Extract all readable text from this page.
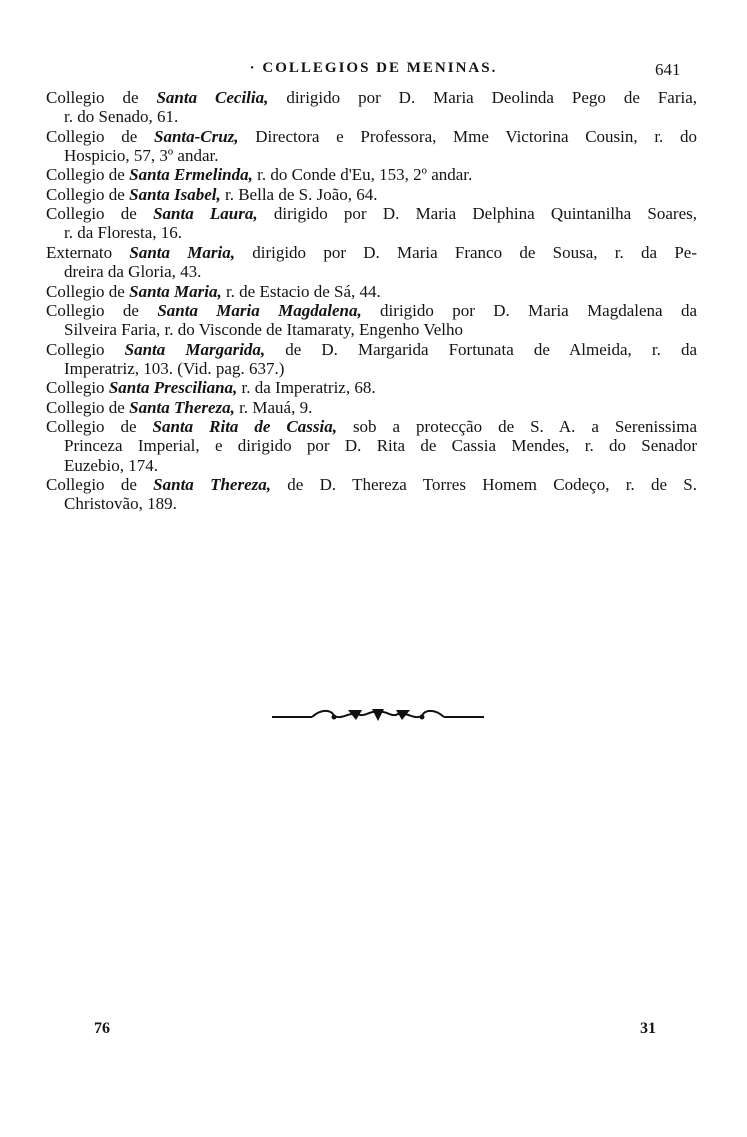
· COLLEGIOS DE MENINAS.	641
Collegio de Santa Cecilia, dirigido por D. Maria Deolinda Pego de Faria,
r. do Senado, 61.
Collegio de Santa-Cruz, Directora e Professora, Mme Victorina Cousin, r. do
Hospicio, 57, 3º andar.
Collegio de Santa Ermelinda, r. do Conde d'Eu, 153, 2º andar.
Collegio de Santa Isabel, r. Bella de S. João, 64.
Collegio de Santa Laura, dirigido por D. Maria Delphina Quintanilha Soares,
r. da Floresta, 16.
Externato Santa Maria, dirigido por D. Maria Franco de Sousa, r. da Pe-
dreira da Gloria, 43.
Collegio de Santa Maria, r. de Estacio de Sá, 44.
Collegio de Santa Maria Magdalena, dirigido por D. Maria Magdalena da
Silveira Faria, r. do Visconde de Itamaraty, Engenho Velho
Collegio Santa Margarida, de D. Margarida Fortunata de Almeida, r. da
Imperatriz, 103. (Vid. pag. 637.)
Collegio Santa Presciliana, r. da Imperatriz, 68.
Collegio de Santa Thereza, r. Mauá, 9.
Collegio de Santa Rita de Cassia, sob a protecção de S. A. a Serenissima
Princeza Imperial, e dirigido por D. Rita de Cassia Mendes, r. do Senador
Euzebio, 174.
Collegio de Santa Thereza, de D. Thereza Torres Homem Codeço, r. de S.
Christovão, 189.
76	31
